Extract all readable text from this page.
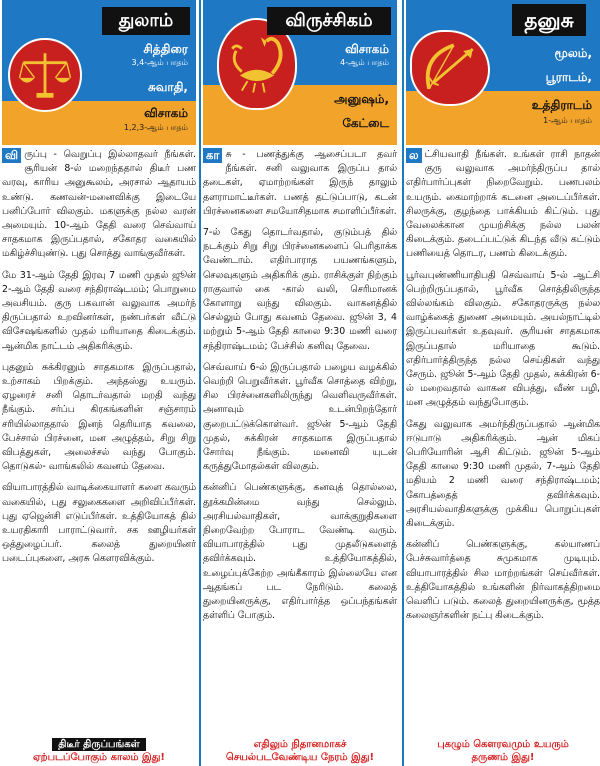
துலாம்
சித்திரை
3,4-ஆம் பாதம்
சுவாதி,
விசாகம்
1,2,3-ஆம் பாதம்

வி ருப்பு - வெறுப்பு இல்லாதவர் நீங்கள். சூரியன் 8-ல் மறைந்ததால் திடீர் பண வரவு, காரிய அனுகூலம், அரசால் ஆதாயம் உண்டு. கணவன்-மனைவிக்கு இடையே பனிப்போர் விலகும். மகளுக்கு நல்ல வரன் அமையும். 10-ஆம் தேதி வரை செவ்வாய் சாதகமாக இருப்பதால், சகோதர வகையில் மகிழ்ச்சியுண்டு. புது சொத்து வாங்குவீர்கள்.

மே 31-ஆம் தேதி இரவு 7 மணி முதல் ஜூன் 2-ஆம் தேதி வரை சந்திராஷ்டமம்; பொறுமை அவசியம். குரு பகவான் வலுவாக அமர்ந் திருப்பதால் உறவினர்கள், நண்பர்கள் வீட்டு விசேஷங்களில் முதல் மரியாதை கிடைக்கும். ஆன்மிக நாட்டம் அதிகரிக்கும்.

புதனும் சுக்கிரனும் சாதகமாக இருப்பதால், உற்சாகம் பிறக்கும். அந்தஸ்து உயரும். ஏழரைச் சனி தொடர்வதால் மறதி வந்து நீங்கும். சர்ப்ப கிரகங்களின் சஞ்சாரம் சரியில்லாததால் இனந் தெரியாத கவலை, பேச்சால் பிரச்னை, மன அழுத்தம், சிறு சிறு விபத்துகள், அலைச்சல் வந்து போகும். தொடுகல்- வாங்கலில் கவனம் தேவை.

வியாபாரத்தில் வாடிக்கையாளர் களை கவரும் வகையில், புது சலுகைகளை அறிவிப்பீர்கள். புது ஏஜென்சி எடுப்பீர்கள். உத்தியோகத் தில் உயரதிகாரி பாராட்டுவார். சக ஊழியர்கள் ஒத்துழைப்பர். கலைத் துறையினர் படைப்புகளை, அரசு கௌரவிக்கும்.

திடீர் திருப்பங்கள்
ஏற்படப்போகும் காலம் இது!
விருச்சிகம்
விசாகம்
4-ஆம் பாதம்
அனுஷம்,
கேட்டை

கா சு - பணத்துக்கு ஆசைப்படா தவர் நீங்கள். சனி வலுவாக இருப்ப தால் தடைகள், ஏமாற்றங்கள் இருந் தாலும் தளராமாட்டீர்கள். பணத் தட்டுப்பாடு, கடன் பிரச்னைகளை சமயோசிதமாக சமாளிப்பீர்கள்.

7-ல் கேது தொடர்வதால், குடும்பத் தில் நடக்கும் சிறு சிறு பிரச்னைகளைப் பெரிதாக்க வேண்டாம். எதிர்பாராத பயணங்களும், செலவுகளும் அதிகரிக் கும். ராசிக்குள் நிற்கும் ராகுவால் கை -கால் வலி, செரிமானக் கோளாறு வந்து விலகும். வாகனத்தில் செல்லும் போது கவனம் தேவை. ஜூன் 3, 4 மற்றும் 5-ஆம் தேதி காலை 9:30 மணி வரை சந்திராஷ்டமம்; பேச்சில் கனிவு தேவை.

செவ்வாய் 6-ல் இருப்பதால் பழைய வழக்கில் வெற்றி பெறுவீர்கள். பூர்வீக சொத்தை விற்று, சில பிரச்னைகளிலிருந்து வெளிவருவீர்கள். அனாவும் உடன்பிறந்தோர் குறைபட்டுக்கொள்வர். ஜூன் 5-ஆம் தேதி முதல், சுக்கிரன் சாதகமாக இருப்பதால் சோர்வு நீங்கும். மனைவி யுடன் கருத்துமோதல்கள் விலகும்.

கன்னிப் பெண்களுக்கு, கனவுத் தொல்லை, தூக்கமின்மை வந்து செல்லும். அரசியல்வாதிகள், வாக்குறுதிகளை நிறைவேற்ற போராட வேண்டி வரும். வியாபாரத்தில் புது முதலீடுகளைத் தவிர்க்கவும். உத்தியோகத்தில், உழைப்புக்கேற்ற அங்கீகாரம் இல்லையே என ஆதங்கப் பட நேரிடும். கலைத் துறையினருக்கு, எதிர்பார்த்த ஒப்பந்தங்கள் தள்ளிப் போகும்.

எதிலும் நிதானமாகச்
செயல்படவேண்டிய நேரம் இது!
தனுசு
மூலம்,
பூராடம்,
உத்திராடம்
1-ஆம் பாதம்

ல ட்சியவாதி நீங்கள். உங்கள் ராசி நாதன் குரு வலுவாக அமர்ந்திருப்ப தால் எதிர்பார்ப்புகள் நிறைவேறும். பணபலம் உயரும். கைமாற்றாக் கடனை அடைப்பீர்கள். சிலருக்கு, குழந்தை பாக்கியம் கிட்டும். புது வேலைக்கான முயற்சிக்கு நல்ல பலன் கிடைக்கும். தடைப்பட்டுக் கிடந்த வீடு கட்டும் பணியைத் தொடர, பணம் கிடைக்கும்.

பூர்வபுண்ணியாதிபதி செவ்வாய் 5-ல் ஆட்சி பெற்றிருப்பதால், பூர்வீக சொத்திலிருந்த வில்லங்கம் விலகும். சகோதரருக்கு நல்ல வாழ்க்கைத் துணை அமையும். அயல்நாட்டில் இருப்பவர்கள் உதவுவர். சூரியன் சாதகமாக இருப்பதால் மரியாதை கூடும். எதிர்பார்த்திருந்த நல்ல செய்திகள் வந்து சேரும். ஜூன் 5-ஆம் தேதி முதல், சுக்கிரன் 6-ல் மறைவதால் வாகன விபத்து, வீண் பழி, மன அழுத்தம் வந்துபோகும்.

கேது வலுவாக அமர்ந்திருப்பதால் ஆன்மிக ஈடுபாடு அதிகரிக்கும். ஆன் மிகப் பெரியோரின் ஆசி கிட்டும். ஜூன் 5-ஆம் தேதி காலை 9:30 மணி முதல், 7-ஆம் தேதி மதியம் 2 மணி வரை சந்திராஷ்டமம்; கோபத்தைத் தவிர்க்கவும். அரசியல்வாதிகளுக்கு முக்கிய பொறுப்புகள் கிடைக்கும்.

கன்னிப் பெண்களுக்கு, கல்யாணப் பேச்சுவார்த்தை சுமுகமாக முடியும். வியாபாரத்தில் சில மாற்றங்கள் செய்வீர்கள். உத்தியோகத்தில் உங்களின் நிர்வாகத்திறமை வெளிப் படும். கலைத் துறையினருக்கு, மூத்த கலைஞர்களின் நட்பு கிடைக்கும்.

புகழும் கௌரவமும் உயரும்
தருணம் இது!
